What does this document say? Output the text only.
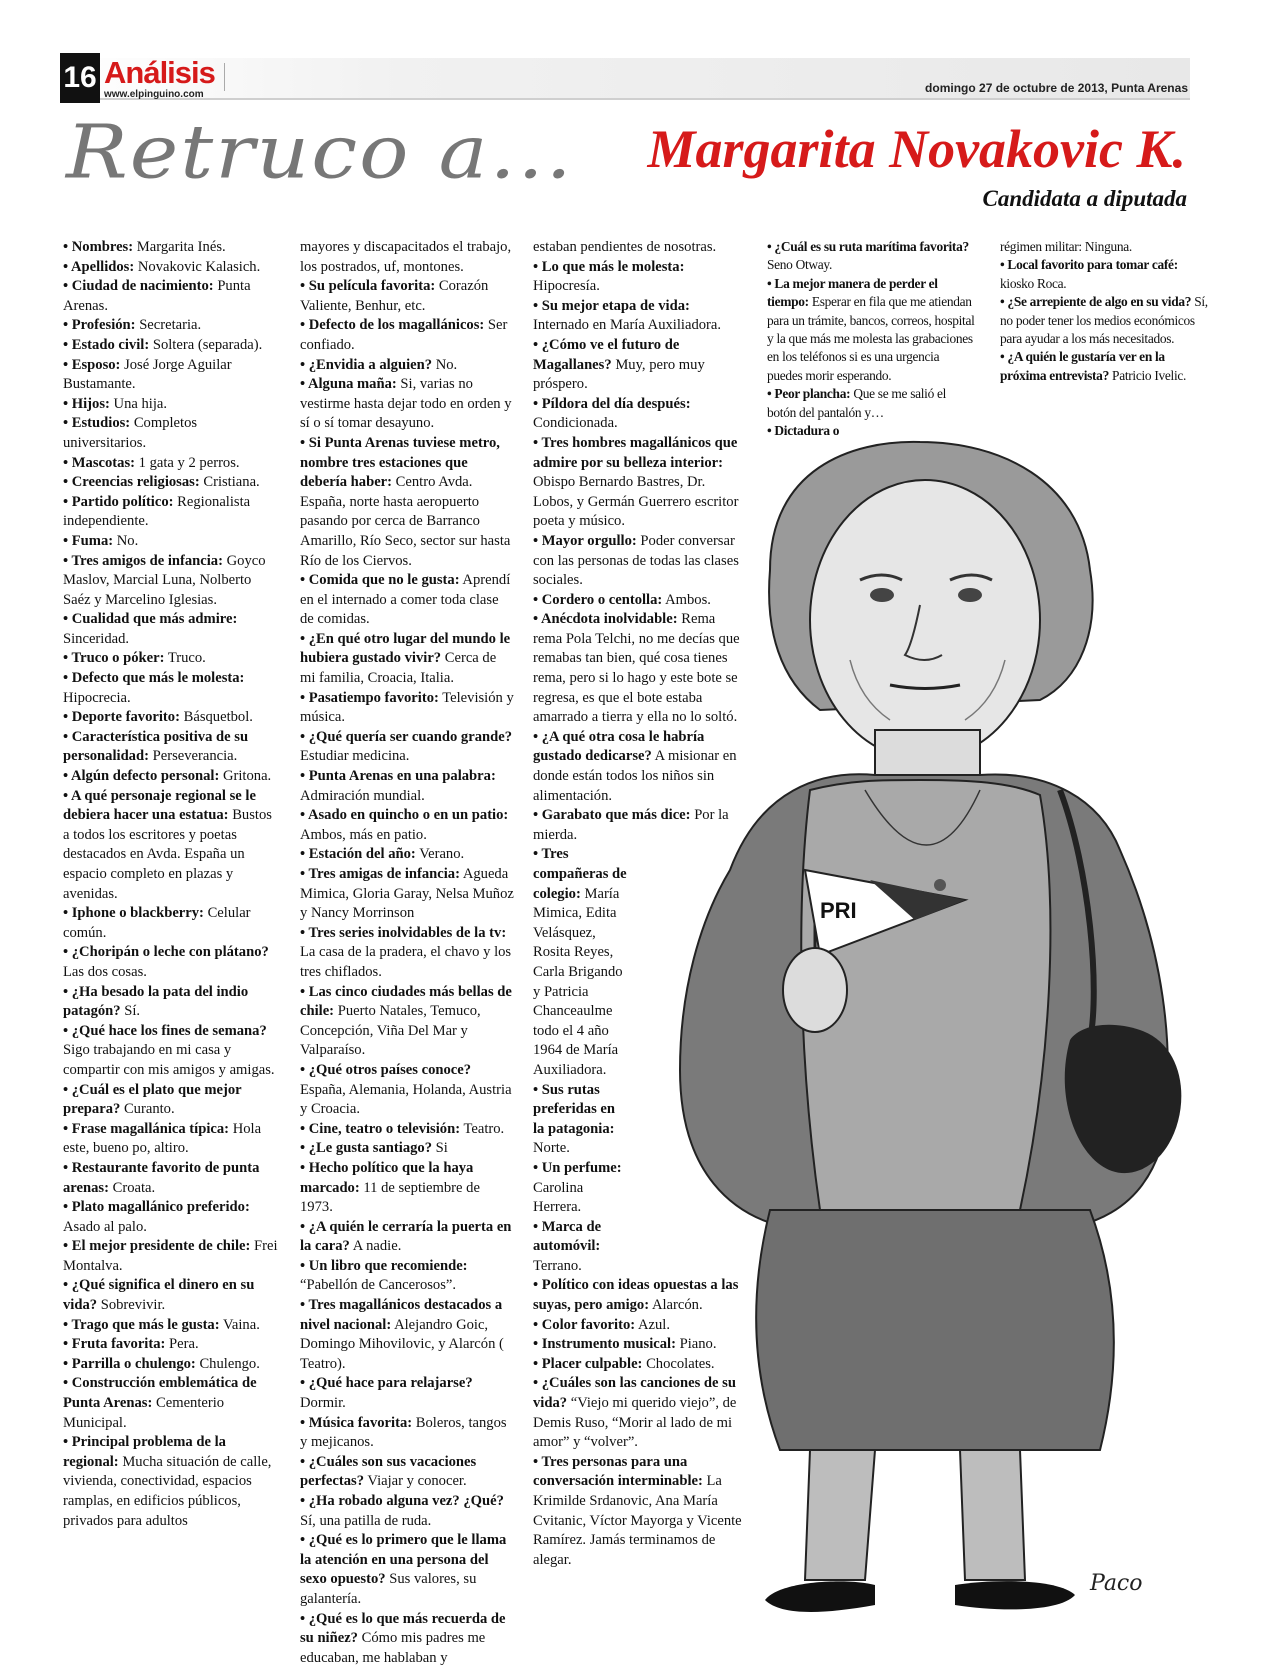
16 Análisis
www.elpinguino.com	domingo 27 de octubre de 2013, Punta Arenas
Retruco a... Margarita Novakovic K.
Candidata a diputada
PRI
Paco

• Nombres: Margarita Inés.

• Apellidos: Novakovic Kalasich.

• Ciudad de nacimiento: Punta Arenas.

• Profesión: Secretaria.

• Estado civil: Soltera (separada).

• Esposo: José Jorge Aguilar Bustamante.

• Hijos: Una hija.

• Estudios: Completos universitarios.

• Mascotas: 1 gata y 2 perros.

• Creencias religiosas: Cristiana.

• Partido político: Regionalista independiente.

• Fuma: No.

• Tres amigos de infancia: Goyco Maslov, Marcial Luna, Nolberto Saéz y Marcelino Iglesias.

• Cualidad que más admire: Sinceridad.

• Truco o póker: Truco.

• Defecto que más le molesta: Hipocrecia.

• Deporte favorito: Básquetbol.

• Característica positiva de su personalidad: Perseverancia.

• Algún defecto personal: Gritona.

• A qué personaje regional se le debiera hacer una estatua: Bustos a todos los escritores y poetas destacados en Avda. España un espacio completo en plazas y avenidas.

• Iphone o blackberry: Celular común.

• ¿Choripán o leche con plátano? Las dos cosas.

• ¿Ha besado la pata del indio patagón? Sí.

• ¿Qué hace los fines de semana? Sigo trabajando en mi casa y compartir con mis amigos y amigas.

• ¿Cuál es el plato que mejor prepara? Curanto.

• Frase magallánica típica: Hola este, bueno po, altiro.

• Restaurante favorito de punta arenas: Croata.

• Plato magallánico preferido: Asado al palo.

• El mejor presidente de chile: Frei Montalva.

• ¿Qué significa el dinero en su vida? Sobrevivir.

• Trago que más le gusta: Vaina.

• Fruta favorita: Pera.

• Parrilla o chulengo: Chulengo.

• Construcción emblemática de Punta Arenas: Cementerio Municipal.

• Principal problema de la regional: Mucha situación de calle, vivienda, conectividad, espacios ramplas, en edificios públicos, privados para adultos

mayores y discapacitados el trabajo, los postrados, uf, montones.

• Su película favorita: Corazón Valiente, Benhur, etc.

• Defecto de los magallánicos: Ser confiado.

• ¿Envidia a alguien? No.

• Alguna maña: Si, varias no vestirme hasta dejar todo en orden y sí o sí tomar desayuno.

• Si Punta Arenas tuviese metro, nombre tres estaciones que debería haber: Centro Avda. España, norte hasta aeropuerto pasando por cerca de Barranco Amarillo, Río Seco, sector sur hasta Río de los Ciervos.

• Comida que no le gusta: Aprendí en el internado a comer toda clase de comidas.

• ¿En qué otro lugar del mundo le hubiera gustado vivir? Cerca de mi familia, Croacia, Italia.

• Pasatiempo favorito: Televisión y música.

• ¿Qué quería ser cuando grande? Estudiar medicina.

• Punta Arenas en una palabra: Admiración mundial.

• Asado en quincho o en un patio: Ambos, más en patio.

• Estación del año: Verano.

• Tres amigas de infancia: Agueda Mimica, Gloria Garay, Nelsa Muñoz y Nancy Morrinson

• Tres series inolvidables de la tv: La casa de la pradera, el chavo y los tres chiflados.

• Las cinco ciudades más bellas de chile: Puerto Natales, Temuco, Concepción, Viña Del Mar y Valparaíso.

• ¿Qué otros países conoce? España, Alemania, Holanda, Austria y Croacia.

• Cine, teatro o televisión: Teatro.

• ¿Le gusta santiago? Si

• Hecho político que la haya marcado: 11 de septiembre de 1973.

• ¿A quién le cerraría la puerta en la cara? A nadie.

• Un libro que recomiende: “Pabellón de Cancerosos”.

• Tres magallánicos destacados a nivel nacional: Alejandro Goic, Domingo Mihovilovic, y Alarcón ( Teatro).

• ¿Qué hace para relajarse? Dormir.

• Música favorita: Boleros, tangos y mejicanos.

• ¿Cuáles son sus vacaciones perfectas? Viajar y conocer.

• ¿Ha robado alguna vez? ¿Qué? Sí, una patilla de ruda.

• ¿Qué es lo primero que le llama la atención en una persona del sexo opuesto? Sus valores, su galantería.

• ¿Qué es lo que más recuerda de su niñez? Cómo mis padres me educaban, me hablaban y

estaban pendientes de nosotras.

• Lo que más le molesta: Hipocresía.

• Su mejor etapa de vida: Internado en María Auxiliadora.

• ¿Cómo ve el futuro de Magallanes? Muy, pero muy próspero.

• Píldora del día después: Condicionada.

• Tres hombres magallánicos que admire por su belleza interior: Obispo Bernardo Bastres, Dr. Lobos, y Germán Guerrero escritor poeta y músico.

• Mayor orgullo: Poder conversar con las personas de todas las clases sociales.

• Cordero o centolla: Ambos.

• Anécdota inolvidable: Rema rema Pola Telchi, no me decías que remabas tan bien, qué cosa tienes rema, pero si lo hago y este bote se regresa, es que el bote estaba amarrado a tierra y ella no lo soltó.

• ¿A qué otra cosa le habría gustado dedicarse? A misionar en donde están todos los niños sin alimentación.

• Garabato que más dice: Por la mierda.

• Tres compañeras de colegio: María Mimica, Edita Velásquez, Rosita Reyes, Carla Brigando y Patricia Chanceaulme todo el 4 año 1964 de María Auxiliadora.

• Sus rutas preferidas en la patagonia: Norte.

• Un perfume: Carolina Herrera.

• Marca de automóvil: Terrano.

• Político con ideas opuestas a las suyas, pero amigo: Alarcón.

• Color favorito: Azul.

• Instrumento musical: Piano.

• Placer culpable: Chocolates.

• ¿Cuáles son las canciones de su vida? “Viejo mi querido viejo”, de Demis Ruso, “Morir al lado de mi amor” y “volver”.

• Tres personas para una conversación interminable: La Krimilde Srdanovic, Ana María Cvitanic, Víctor Mayorga y Vicente Ramírez. Jamás terminamos de alegar.

• ¿Cuál es su ruta marítima favorita? Seno Otway.

• La mejor manera de perder el tiempo: Esperar en fila que me atiendan para un trámite, bancos, correos, hospital y la que más me molesta las grabaciones en los teléfonos si es una urgencia puedes morir esperando.

• Peor plancha: Que se me salió el botón del pantalón y…

• Dictadura o

régimen militar: Ninguna.

• Local favorito para tomar café: kiosko Roca.

• ¿Se arrepiente de algo en su vida? Sí, no poder tener los medios económicos para ayudar a los más necesitados.

• ¿A quién le gustaría ver en la próxima entrevista? Patricio Ivelic.
